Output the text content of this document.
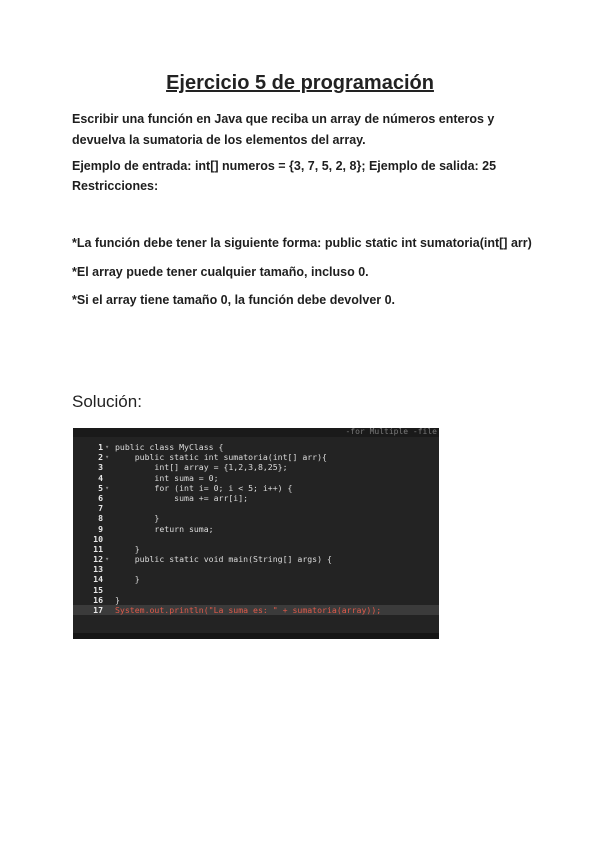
Ejercicio 5 de programación
Escribir una función en Java que reciba un array de números enteros y devuelva la sumatoria de los elementos del array.
Ejemplo de entrada: int[] numeros = {3, 7, 5, 2, 8}; Ejemplo de salida: 25
Restricciones:
*La función debe tener la siguiente forma: public static int sumatoria(int[] arr)
*El array puede tener cualquier tamaño, incluso 0.
*Si el array tiene tamaño 0, la función debe devolver 0.
Solución:
-for Multiple -file
1 ▾ public class MyClass {
2 ▾ public static int sumatoria(int[] arr){
3 int[] array = {1,2,3,8,25};
4 int suma = 0;
5 ▾ for (int i= 0; i < 5; i++) {
6 suma += arr[i];
7
8 }
9 return suma;
10
11 }
12 ▾ public static void main(String[] args) {
13
14 }
15
16 }
17 System.out.println("La suma es: " + sumatoria(array));
